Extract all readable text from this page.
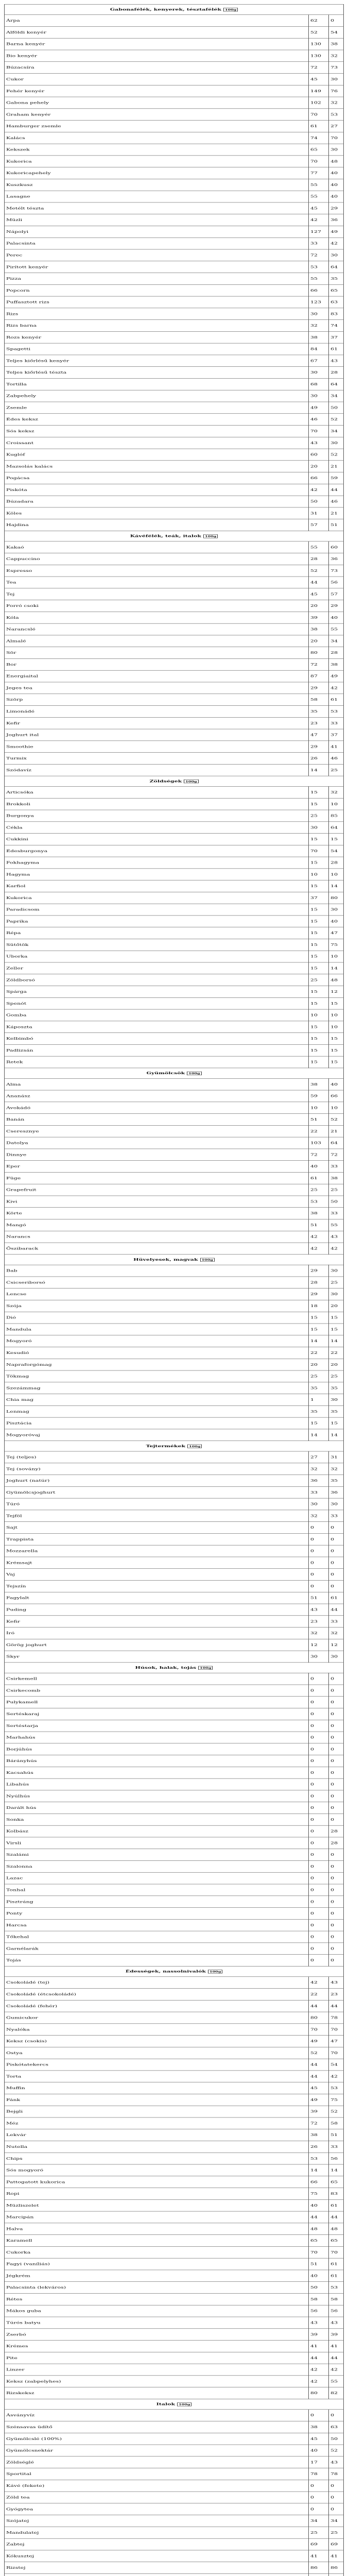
Gabonafélék, kenyerek, tésztafélék 100g		
Árpa	62	0
Alföldi kenyér	52	54
Barna kenyér	130	38
Bio kenyér	130	32
Búzacsíra	72	73
Cukor	45	30
Fehér kenyér	149	76
Gabona pehely	102	32
Graham kenyér	70	53
Hamburger zsemle	61	27
Kalács	74	70
Kekszek	65	30
Kukorica	70	48
Kukoricapehely	77	40
Kuszkusz	55	40
Lasagne	55	40
Metélt tészta	45	29
Müzli	42	36
Nápolyi	127	49
Palacsinta	33	42
Perec	72	30
Pirított kenyér	53	64
Pizza	55	35
Popcorn	66	65
Puffasztott rizs	123	63
Rizs	30	83
Rizs barna	32	74
Rozs kenyér	38	37
Spagetti	84	61
Teljes kiőrlésű kenyér	67	43
Teljes kiőrlésű tészta	30	28
Tortilla	68	64
Zabpehely	30	34
Zsemle	49	50
Édes keksz	46	52
Sós keksz	70	34
Croissant	43	30
Kuglóf	60	52
Mazsolás kalács	20	21
Pogácsa	66	59
Piskóta	42	44
Búzadara	50	46
Köles	31	21
Hajdina	57	51
Kávéfélék, teák, italok 100g		
Kakaó	55	60
Cappuccino	28	36
Espresso	52	73
Tea	44	56
Tej	45	57
Forró csoki	20	29
Kóla	39	40
Narancslé	38	55
Almalé	20	34
Sör	80	28
Bor	72	38
Energiaital	87	49
Jeges tea	29	42
Szörp	58	61
Limonádé	35	53
Kefir	23	33
Joghurt ital	47	37
Smoothie	29	41
Turmix	26	46
Szódavíz	14	25
Zöldségek 100g		
Articsóka	15	32
Brokkoli	15	10
Burgonya	25	85
Cékla	30	64
Cukkini	15	15
Édesburgonya	70	54
Fokhagyma	15	28
Hagyma	10	10
Karfiol	15	14
Kukorica	37	80
Paradicsom	15	30
Paprika	15	40
Répa	15	47
Sütőtök	15	75
Uborka	15	10
Zeller	15	14
Zöldborsó	25	48
Spárga	15	12
Spenót	15	15
Gomba	10	10
Káposzta	15	10
Kelbimbó	15	15
Padlizsán	15	15
Retek	15	15
Gyümölcsök 100g		
Alma	38	40
Ananász	59	66
Avokádó	10	10
Banán	51	52
Cseresznye	22	21
Datolya	103	64
Dinnye	72	72
Eper	40	33
Füge	61	38
Grapefruit	25	25
Kivi	53	50
Körte	38	33
Mangó	51	55
Narancs	42	43
Őszibarack	42	42
Hüvelyesek, magvak 100g		
Bab	29	30
Csicseriborsó	28	25
Lencse	29	30
Szója	18	20
Dió	15	15
Mandula	15	15
Mogyoró	14	14
Kesudió	22	22
Napraforgómag	20	20
Tökmag	25	25
Szezámmag	35	35
Chia mag	1	30
Lenmag	35	35
Pisztácia	15	15
Mogyoróvaj	14	14
Tejtermékek 100g		
Tej (teljes)	27	31
Tej (sovány)	32	32
Joghurt (natúr)	36	35
Gyümölcsjoghurt	33	36
Túró	30	30
Tejföl	32	33
Sajt	0	0
Trappista	0	0
Mozzarella	0	0
Krémsajt	0	0
Vaj	0	0
Tejszín	0	0
Fagylalt	51	61
Puding	43	44
Kefir	23	33
Író	32	32
Görög joghurt	12	12
Skyr	30	30
Húsok, halak, tojás 100g		
Csirkemell	0	0
Csirkecomb	0	0
Pulykamell	0	0
Sertéskaraj	0	0
Sertéstarja	0	0
Marhahús	0	0
Borjúhús	0	0
Bárányhús	0	0
Kacsahús	0	0
Libahús	0	0
Nyúlhús	0	0
Darált hús	0	0
Sonka	0	0
Kolbász	0	28
Virsli	0	28
Szalámi	0	0
Szalonna	0	0
Lazac	0	0
Tonhal	0	0
Pisztráng	0	0
Ponty	0	0
Harcsa	0	0
Tőkehal	0	0
Garnélarák	0	0
Tojás	0	0
Édességek, nassolnivalók 100g		
Csokoládé (tej)	42	43
Csokoládé (étcsokoládé)	22	23
Csokoládé (fehér)	44	44
Gumicukor	80	78
Nyalóka	70	70
Keksz (csokis)	49	47
Ostya	52	70
Piskótatekercs	44	54
Torta	44	42
Muffin	45	53
Fánk	49	75
Bejgli	39	52
Méz	72	58
Lekvár	38	51
Nutella	26	33
Chips	53	56
Sós mogyoró	14	14
Pattogatott kukorica	66	65
Ropi	75	83
Müzliszelet	40	61
Marcipán	44	44
Halva	48	48
Karamell	65	65
Cukorka	70	70
Fagyi (vaníliás)	51	61
Jégkrém	40	61
Palacsinta (lekváros)	50	53
Rétes	58	58
Mákos guba	56	56
Túrós batyu	43	43
Zserbó	39	39
Krémes	41	41
Pite	44	44
Linzer	42	42
Keksz (zabpelyhes)	42	55
Rizskeksz	80	82
Italok 100g		
Ásványvíz	0	0
Szénsavas üdítő	38	63
Gyümölcslé (100%)	45	50
Gyümölcsnektár	40	52
Zöldséglé	17	43
Sportital	78	78
Kávé (fekete)	0	0
Zöld tea	0	0
Gyógytea	0	0
Szójatej	34	34
Mandulatej	25	25
Zabtej	69	69
Kókusztej	41	41
Rizstej	86	86
